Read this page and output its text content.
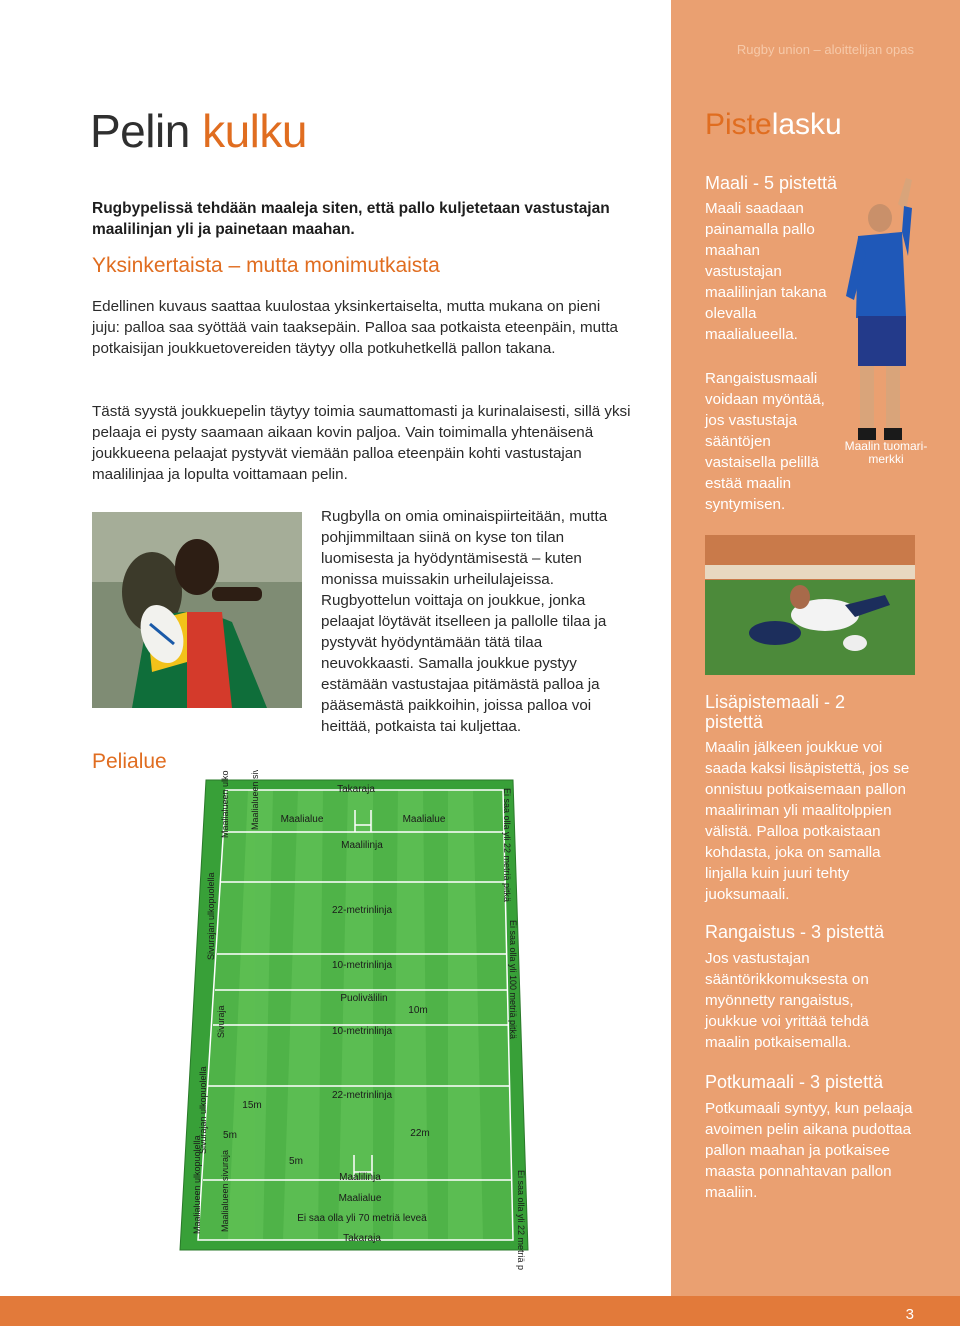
3
Rugby union – aloittelijan opas
Pelin kulku
Rugbypelissä tehdään maaleja siten, että pallo kuljetetaan vastustajan maalilinjan yli ja painetaan maahan.
Yksinkertaista – mutta monimutkaista
Edellinen kuvaus saattaa kuulostaa yksinkertaiselta, mutta mukana on pieni juju: palloa saa syöttää vain taaksepäin. Palloa saa potkaista eteenpäin, mutta potkaisijan joukkuetovereiden täytyy olla potkuhetkellä pallon takana.
Tästä syystä joukkuepelin täytyy toimia saumattomasti ja kurinalaisesti, sillä yksi pelaaja ei pysty saamaan aikaan kovin paljoa. Vain toimimalla yhtenäisenä joukkueena pelaajat pystyvät viemään palloa eteenpäin kohti vastustajan maalilinjaa ja lopulta voittamaan pelin.
Rugbylla on omia ominaispiirteitään, mutta pohjimmiltaan siinä on kyse ton tilan luomisesta ja hyödyntämisestä – kuten monissa muissakin urheilulajeissa. Rugbyottelun voittaja on joukkue, jonka pelaajat löytävät itselleen ja pallolle tilaa ja pystyvät hyödyntämään tätä tilaa neuvokkaasti. Samalla joukkue pystyy estämään vastustajaa pitämästä palloa ja pääsemästä paikkoihin, joissa palloa voi heittää, potkaista tai kuljettaa.
Pelialue
Takaraja
Maalialue	Maalialue
Maalilinja
22-metrinlinja
10-metrinlinja
Puolivälilin
10m
10-metrinlinja
22-metrinlinja
22m
15m
5m
5m
Maalilinja
Maalialue
Ei saa olla yli 70 metriä leveä
Takaraja
Maalialueen ulkopuolella Maalialueen sivuraja
Sivurajan ulkopuolella
Sivuraja
Sivurajan ulkopuolella
Maalialueen ulkopuolella Maalialueen sivuraja
Ei saa olla yli 22 metriä pitkä
Ei saa olla yli 100 metriä pitkä
Ei saa olla yli 22 metriä pitkä
Pistelasku
Maali - 5 pistettä
Maali saadaan painamalla pallo maahan vastustajan maalilinjan takana olevalla maalialueella.
Rangaistusmaali voidaan myöntää, jos vastustaja sääntöjen vastaisella pelillä estää maalin syntymisen.
Maalin tuomari-merkki
Lisäpistemaali - 2 pistettä
Maalin jälkeen joukkue voi saada kaksi lisäpistettä, jos se onnistuu potkaisemaan pallon maaliriman yli maalitolppien välistä. Palloa potkaistaan kohdasta, joka on samalla linjalla kuin juuri tehty juoksumaali.
Rangaistus - 3 pistettä
Jos vastustajan sääntörikkomuksesta on myönnetty rangaistus, joukkue voi yrittää tehdä maalin potkaisemalla.
Potkumaali - 3 pistettä
Potkumaali syntyy, kun pelaaja avoimen pelin aikana pudottaa pallon maahan ja potkaisee maasta ponnahtavan pallon maaliin.
